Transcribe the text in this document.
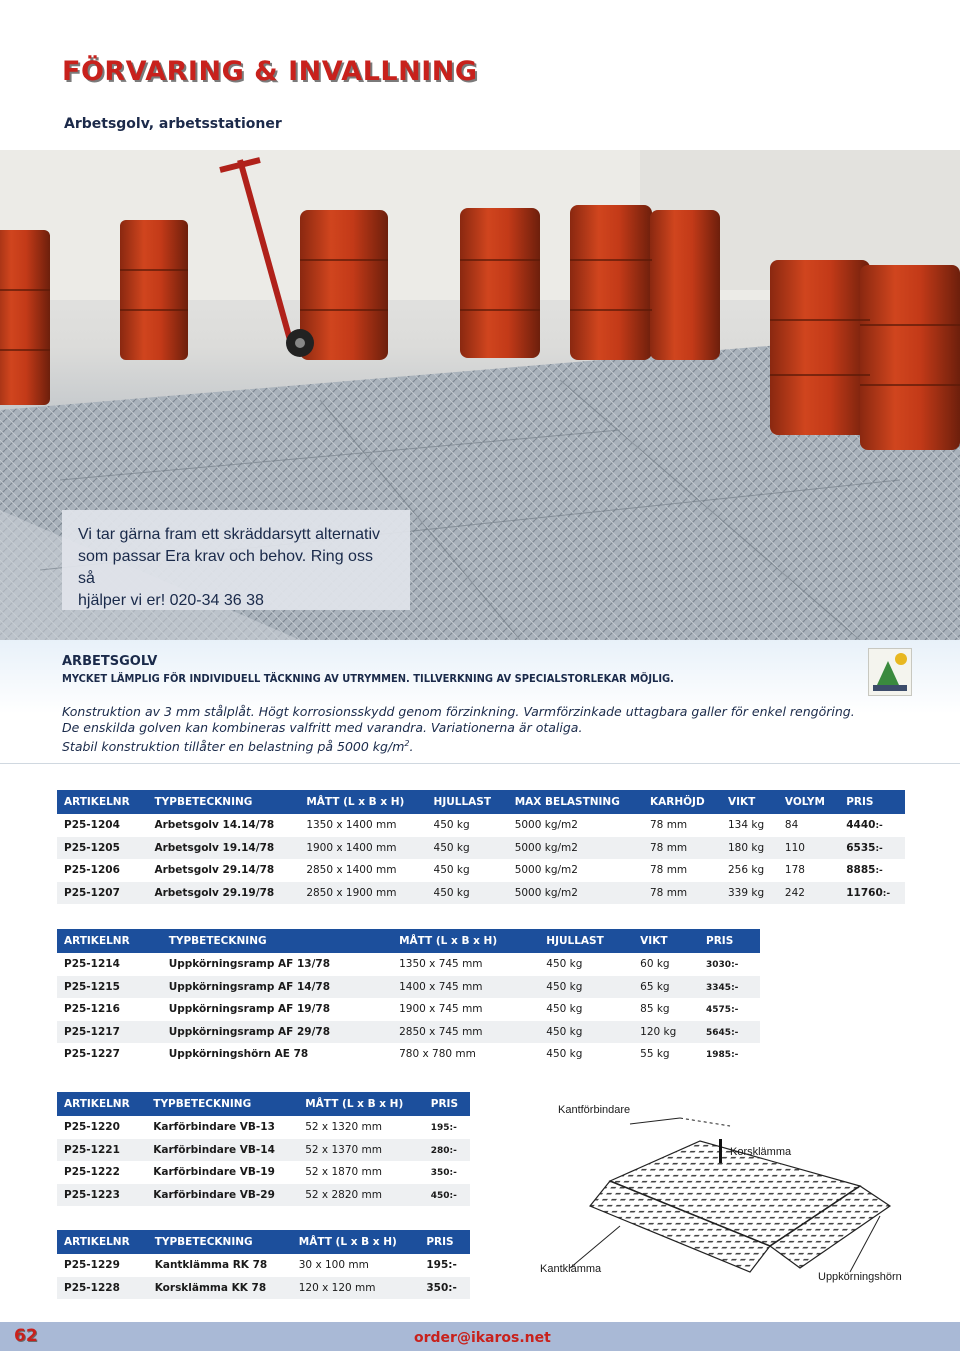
FÖRVARING & INVALLNING
Arbetsgolv, arbetsstationer
Vi tar gärna fram ett skräddarsytt alternativ
som passar Era krav och behov. Ring oss så
hjälper vi er! 020-34 36 38
ARBETSGOLV
MYCKET LÄMPLIG FÖR INDIVIDUELL TÄCKNING AV UTRYMMEN. TILLVERKNING AV SPECIALSTORLEKAR MÖJLIG.
Konstruktion av 3 mm stålplåt. Högt korrosionsskydd genom förzinkning. Varmförzinkade uttagbara galler för enkel rengöring.
De enskilda golven kan kombineras valfritt med varandra. Variationerna är otaliga.
Stabil konstruktion tillåter en belastning på 5000 $kg/m^2$.
ARTIKELNR	TYPBETECKNING	MÅTT (L x B x H)	HJULLAST	MAX BELASTNING	KARHÖJD	VIKT	VOLYM	PRIS
P25-1204	Arbetsgolv 14.14/78	1350 x 1400 mm	450 kg	5000 kg/m2	78 mm	134 kg	84	4440:-
P25-1205	Arbetsgolv 19.14/78	1900 x 1400 mm	450 kg	5000 kg/m2	78 mm	180 kg	110	6535:-
P25-1206	Arbetsgolv 29.14/78	2850 x 1400 mm	450 kg	5000 kg/m2	78 mm	256 kg	178	8885:-
P25-1207	Arbetsgolv 29.19/78	2850 x 1900 mm	450 kg	5000 kg/m2	78 mm	339 kg	242	11760:-
ARTIKELNR	TYPBETECKNING	MÅTT (L x B x H)	HJULLAST	VIKT	PRIS
P25-1214	Uppkörningsramp AF 13/78	1350 x 745 mm	450 kg	60 kg	3030:-
P25-1215	Uppkörningsramp AF 14/78	1400 x 745 mm	450 kg	65 kg	3345:-
P25-1216	Uppkörningsramp AF 19/78	1900 x 745 mm	450 kg	85 kg	4575:-
P25-1217	Uppkörningsramp AF 29/78	2850 x 745 mm	450 kg	120 kg	5645:-
P25-1227	Uppkörningshörn AE 78	780 x 780 mm	450 kg	55 kg	1985:-
ARTIKELNR	TYPBETECKNING	MÅTT (L x B x H)	PRIS
P25-1220	Karförbindare VB-13	52 x 1320 mm	195:-
P25-1221	Karförbindare VB-14	52 x 1370 mm	280:-
P25-1222	Karförbindare VB-19	52 x 1870 mm	350:-
P25-1223	Karförbindare VB-29	52 x 2820 mm	450:-
ARTIKELNR	TYPBETECKNING	MÅTT (L x B x H)	PRIS
P25-1229	Kantklämma RK 78	30 x 100 mm	195:-
P25-1228	Korsklämma KK 78	120 x 120 mm	350:-
Kantförbindare
Korsklämma
Kantklämma
Uppkörningshörn
62	order@ikaros.net
